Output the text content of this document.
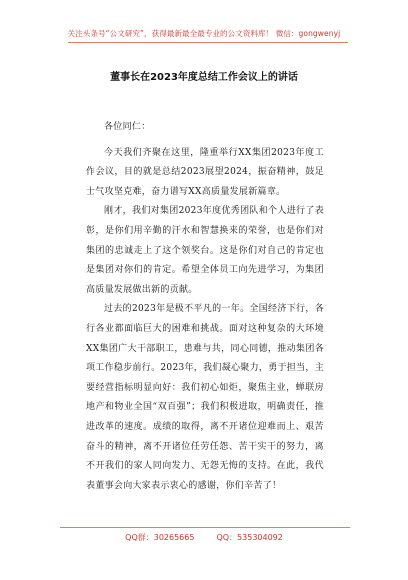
关注头条号“公文研究”，获得最新最全最专业的公文资料库！ 微信：gongwenyj
董事长在2023年度总结工作会议上的讲话

各位同仁：

今天我们齐聚在这里，隆重举行XX集团2023年度工作会议，目的就是总结2023展望2024，振奋精神，鼓足士气攻坚克难，奋力谱写XX高质量发展新篇章。

刚才，我们对集团2023年度优秀团队和个人进行了表彰，是你们用辛勤的汗水和智慧换来的荣誉，也是你们对集团的忠诚走上了这个领奖台。这是你们对自己的肯定也是集团对你们的肯定。希望全体员工向先进学习，为集团高质量发展做出新的贡献。

过去的2023年是极不平凡的一年。全国经济下行，各行各业都面临巨大的困难和挑战。面对这种复杂的大环境XX集团广大干部职工，患难与共，同心同德，推动集团各项工作稳步前行。2023年，我们凝心聚力，勇于担当，主要经营指标明显向好：我们初心如炬，聚焦主业，蝉联房地产和物业全国“双百强”；我们积极进取，明确责任，推进改革的速度。成绩的取得，离不开诸位迎难而上、艰苦奋斗的精神，离不开诸位任劳任怨、苦干实干的努力，离不开我们的家人同向发力、无怨无悔的支持。在此，我代表董事会向大家表示衷心的感谢，你们辛苦了！

QQ群：30265665	QQ：535304092
